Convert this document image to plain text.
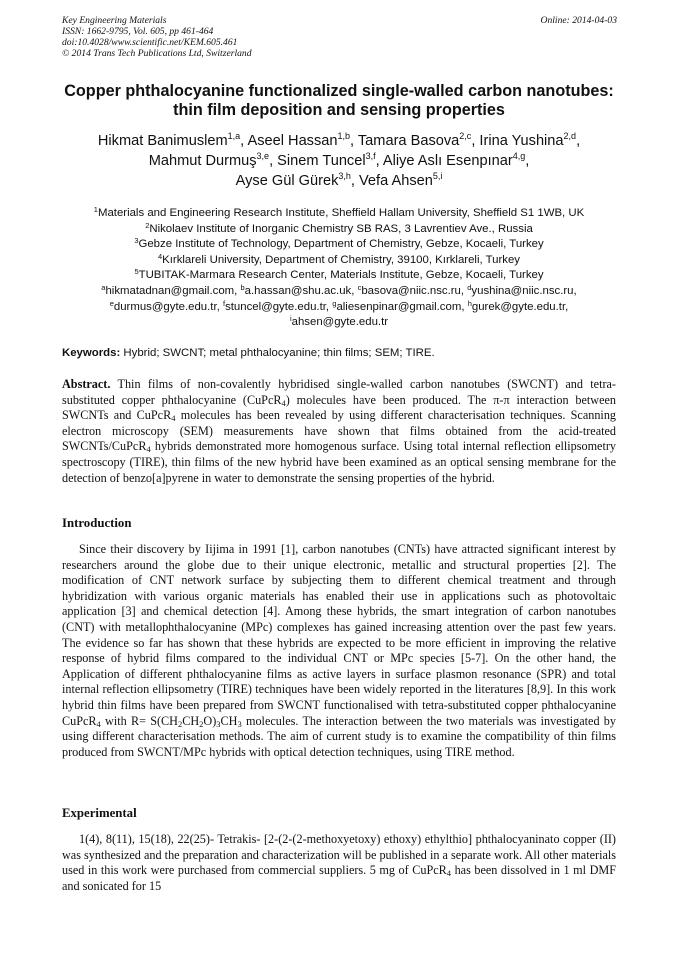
Key Engineering Materials
ISSN: 1662-9795, Vol. 605, pp 461-464
doi:10.4028/www.scientific.net/KEM.605.461
© 2014 Trans Tech Publications Ltd, Switzerland
Online: 2014-04-03
Copper phthalocyanine functionalized single-walled carbon nanotubes:
thin film deposition and sensing properties
Hikmat Banimuslem$^{1,a}$, Aseel Hassan$^{1,b}$, Tamara Basova$^{2,c}$, Irina Yushina$^{2,d}$,
Mahmut Durmuş$^{3,e}$, Sinem Tuncel$^{3,f}$, Aliye Aslı Esenpınar$^{4,g}$,
Ayse Gül Gürek$^{3,h}$, Vefa Ahsen$^{5,i}$
$^1$Materials and Engineering Research Institute, Sheffield Hallam University, Sheffield S1 1WB, UK
$^2$Nikolaev Institute of Inorganic Chemistry SB RAS, 3 Lavrentiev Ave., Russia
$^3$Gebze Institute of Technology, Department of Chemistry, Gebze, Kocaeli, Turkey
$^4$Kırklareli University, Department of Chemistry, 39100, Kırklareli, Turkey
$^5$TUBITAK-Marmara Research Center, Materials Institute, Gebze, Kocaeli, Turkey
$^a$hikmatadnan@gmail.com, $^b$a.hassan@shu.ac.uk, $^c$basova@niic.nsc.ru, $^d$yushina@niic.nsc.ru,
$^e$durmus@gyte.edu.tr, $^f$stuncel@gyte.edu.tr, $^g$aliesenpinar@gmail.com, $^h$gurek@gyte.edu.tr,
$^i$ahsen@gyte.edu.tr
Keywords: Hybrid; SWCNT; metal phthalocyanine; thin films; SEM; TIRE.
Abstract. Thin films of non-covalently hybridised single-walled carbon nanotubes (SWCNT) and tetra-substituted copper phthalocyanine (CuPcR$_4$) molecules have been produced. The π-π interaction between SWCNTs and CuPcR$_4$ molecules has been revealed by using different characterisation techniques. Scanning electron microscopy (SEM) measurements have shown that films obtained from the acid-treated SWCNTs/CuPcR$_4$ hybrids demonstrated more homogenous surface. Using total internal reflection ellipsometry spectroscopy (TIRE), thin films of the new hybrid have been examined as an optical sensing membrane for the detection of benzo[a]pyrene in water to demonstrate the sensing properties of the hybrid.
Introduction
Since their discovery by Iijima in 1991 [1], carbon nanotubes (CNTs) have attracted significant interest by researchers around the globe due to their unique electronic, metallic and structural properties [2]. The modification of CNT network surface by subjecting them to different chemical treatment and through hybridization with various organic materials has enabled their use in applications such as photovoltaic application [3] and chemical detection [4]. Among these hybrids, the smart integration of carbon nanotubes (CNT) with metallophthalocyanine (MPc) complexes has gained increasing attention over the past few years. The evidence so far has shown that these hybrids are expected to be more efficient in improving the relative response of hybrid films compared to the individual CNT or MPc species [5-7]. On the other hand, the Application of different phthalocyanine films as active layers in surface plasmon resonance (SPR) and total internal reflection ellipsometry (TIRE) techniques have been widely reported in the literatures [8,9]. In this work hybrid thin films have been prepared from SWCNT functionalised with tetra-substituted copper phthalocyanine CuPcR$_4$ with $R= S(CH_2CH_2O)_3CH_3$ molecules. The interaction between the two materials was investigated by using different characterisation methods. The aim of current study is to examine the compatibility of thin films produced from SWCNT/MPc hybrids with optical detection techniques, using TIRE method.
Experimental
1(4), 8(11), 15(18), 22(25)- Tetrakis- [2-(2-(2-methoxyetoxy) ethoxy) ethylthio] phthalocyaninato copper (II) was synthesized and the preparation and characterization will be published in a separate work. All other materials used in this work were purchased from commercial suppliers. 5 mg of CuPcR$_4$ has been dissolved in 1 ml DMF and sonicated for 15
